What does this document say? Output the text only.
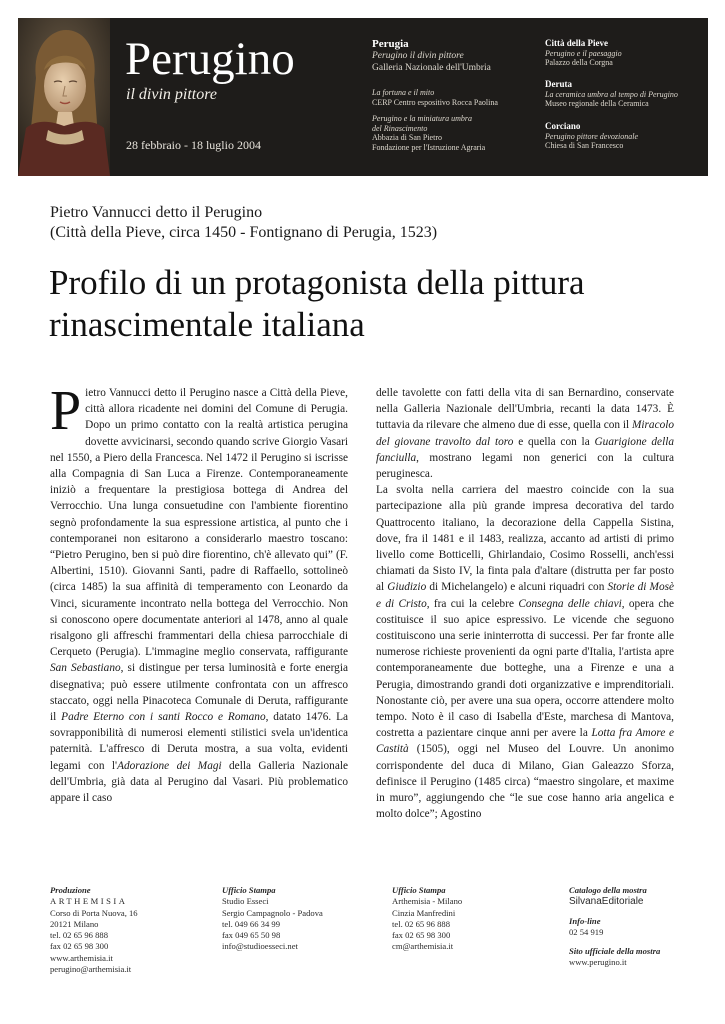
Perugino
il divin pittore
28 febbraio - 18 luglio 2004
Perugia
Perugino il divin pittore
Galleria Nazionale dell'Umbria
La fortuna e il mito
CERP Centro espositivo Rocca Paolina
Perugino e la miniatura umbra
del Rinascimento
Abbazia di San Pietro
Fondazione per l'Istruzione Agraria
Città della Pieve
Perugino e il paesaggio
Palazzo della Corgna
Deruta
La ceramica umbra al tempo di Perugino
Museo regionale della Ceramica
Corciano
Perugino pittore devozionale
Chiesa di San Francesco
Pietro Vannucci detto il Perugino
(Città della Pieve, circa 1450 - Fontignano di Perugia, 1523)
Profilo di un protagonista della pittura rinascimentale italiana

Pietro Vannucci detto il Perugino nasce a Città della Pieve, città allora ricadente nei domini del Comune di Perugia. Dopo un primo contatto con la realtà artistica perugina dovette avvicinarsi, secondo quando scrive Giorgio Vasari nel 1550, a Piero della Francesca. Nel 1472 il Perugino si iscrisse alla Compagnia di San Luca a Firenze. Contemporaneamente iniziò a frequentare la prestigiosa bottega di Andrea del Verrocchio. Una lunga consuetudine con l'ambiente fiorentino segnò profondamente la sua espressione artistica, al punto che i contemporanei non esitarono a considerarlo maestro toscano: “Pietro Perugino, ben si può dire fiorentino, ch'è allevato qui” (F. Albertini, 1510). Giovanni Santi, padre di Raffaello, sottolineò (circa 1485) la sua affinità di temperamento con Leonardo da Vinci, sicuramente incontrato nella bottega del Verrocchio. Non si conoscono opere documentate anteriori al 1478, anno al quale risalgono gli affreschi frammentari della chiesa parrocchiale di Cerqueto (Perugia). L'immagine meglio conservata, raffigurante San Sebastiano, si distingue per tersa luminosità e forte energia disegnativa; può essere utilmente confrontata con un affresco staccato, oggi nella Pinacoteca Comunale di Deruta, raffigurante il Padre Eterno con i santi Rocco e Romano, datato 1476. La sovrapponibilità di numerosi elementi stilistici svela un'identica paternità. L'affresco di Deruta mostra, a sua volta, evidenti legami con l'Adorazione dei Magi della Galleria Nazionale dell'Umbria, già data al Perugino dal Vasari. Più problematico appare il caso

delle tavolette con fatti della vita di san Bernardino, conservate nella Galleria Nazionale dell'Umbria, recanti la data 1473. È tuttavia da rilevare che almeno due di esse, quella con il Miracolo del giovane travolto dal toro e quella con la Guarigione della fanciulla, mostrano legami non generici con la cultura peruginesca.

La svolta nella carriera del maestro coincide con la sua partecipazione alla più grande impresa decorativa del tardo Quattrocento italiano, la decorazione della Cappella Sistina, dove, fra il 1481 e il 1483, realizza, accanto ad artisti di primo livello come Botticelli, Ghirlandaio, Cosimo Rosselli, anch'essi chiamati da Sisto IV, la finta pala d'altare (distrutta per far posto al Giudizio di Michelangelo) e alcuni riquadri con Storie di Mosè e di Cristo, fra cui la celebre Consegna delle chiavi, opera che costituisce il suo apice espressivo. Le vicende che seguono costituiscono una serie ininterrotta di successi. Per far fronte alle numerose richieste provenienti da ogni parte d'Italia, l'artista apre contemporaneamente due botteghe, una a Firenze e una a Perugia, dimostrando grandi doti organizzative e imprenditoriali. Nonostante ciò, per avere una sua opera, occorre attendere molto tempo. Noto è il caso di Isabella d'Este, marchesa di Mantova, costretta a pazientare cinque anni per avere la Lotta fra Amore e Castità (1505), oggi nel Museo del Louvre. Un anonimo corrispondente del duca di Milano, Gian Galeazzo Sforza, definisce il Perugino (1485 circa) “maestro singolare, et maxime in muro”, aggiungendo che “le sue cose hanno aria angelica e molto dolce”; Agostino

Produzione
ARTHEMISIA
Corso di Porta Nuova, 16
20121 Milano
tel. 02 65 96 888
fax 02 65 98 300
www.arthemisia.it
perugino@arthemisia.it
Ufficio Stampa
Studio Esseci
Sergio Campagnolo - Padova
tel. 049 66 34 99
fax 049 65 50 98
info@studioesseci.net
Ufficio Stampa
Arthemisia - Milano
Cinzia Manfredini
tel. 02 65 96 888
fax 02 65 98 300
cm@arthemisia.it
Catalogo della mostra
SilvanaEditoriale
Info-line
02 54 919
Sito ufficiale della mostra
www.perugino.it
